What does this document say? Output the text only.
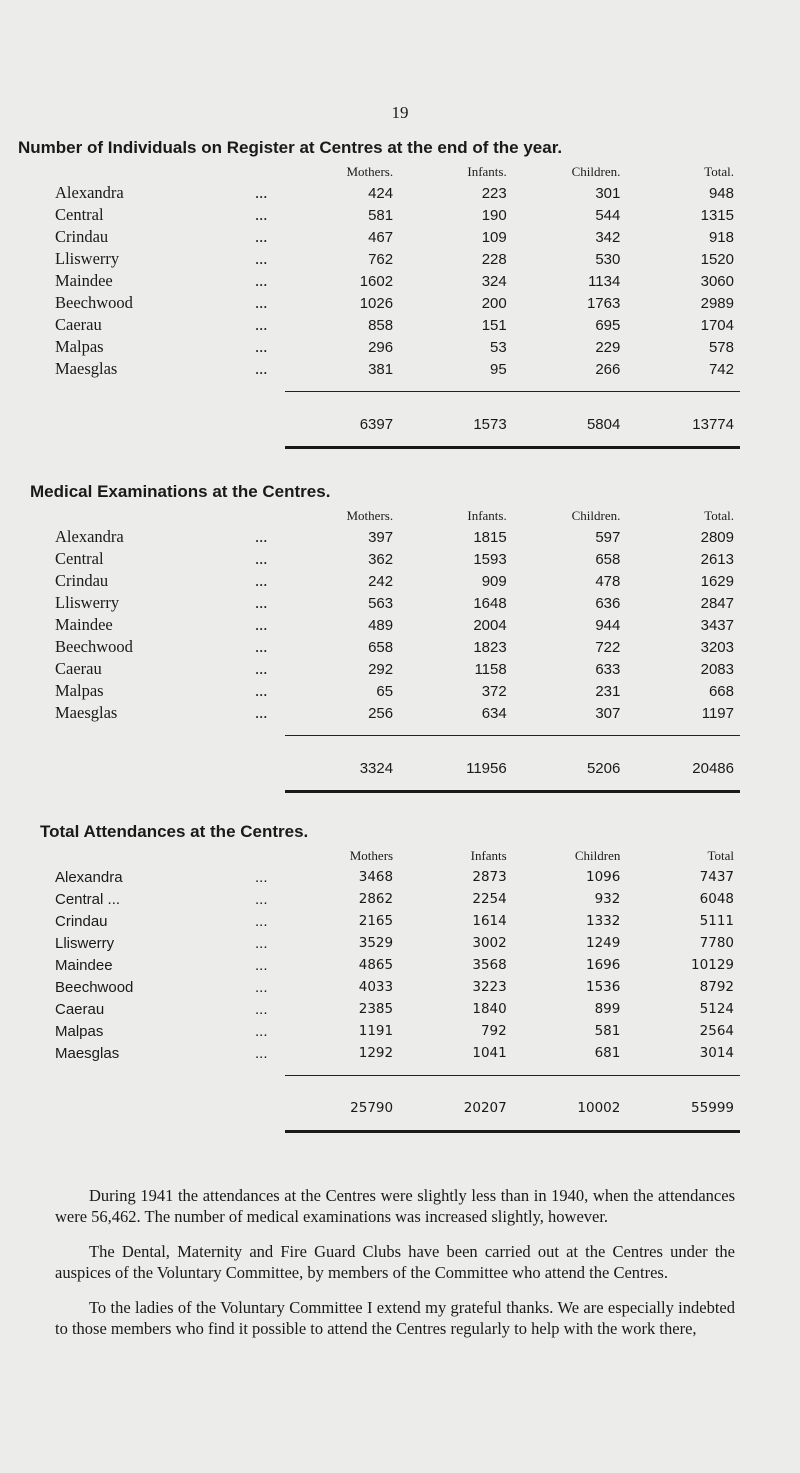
19
Number of Individuals on Register at Centres at the end of the year.
	Mothers.	Infants.	Children.	Total.
Alexandra ...	424	223	301	948
Central ...	581	190	544	1315
Crindau ...	467	109	342	918
Lliswerry ...	762	228	530	1520
Maindee ...	1602	324	1134	3060
Beechwood ...	1026	200	1763	2989
Caerau ...	858	151	695	1704
Malpas ...	296	53	229	578
Maesglas ...	381	95	266	742

	6397	1573	5804	13774

Medical Examinations at the Centres.
	Mothers.	Infants.	Children.	Total.
Alexandra ...	397	1815	597	2809
Central ...	362	1593	658	2613
Crindau ...	242	909	478	1629
Lliswerry ...	563	1648	636	2847
Maindee ...	489	2004	944	3437
Beechwood ...	658	1823	722	3203
Caerau ...	292	1158	633	2083
Malpas ...	65	372	231	668
Maesglas ...	256	634	307	1197

	3324	11956	5206	20486

Total Attendances at the Centres.
	Mothers	Infants	Children	Total
Alexandra ...	3468	2873	1096	7437
Central ... ...	2862	2254	932	6048
Crindau ...	2165	1614	1332	5111
Lliswerry ...	3529	3002	1249	7780
Maindee ...	4865	3568	1696	10129
Beechwood ...	4033	3223	1536	8792
Caerau ...	2385	1840	899	5124
Malpas ...	1191	792	581	2564
Maesglas ...	1292	1041	681	3014

	25790	20207	10002	55999

During 1941 the attendances at the Centres were slightly less than in 1940, when the attendances were 56,462. The number of medical examinations was increased slightly, however.

The Dental, Maternity and Fire Guard Clubs have been carried out at the Centres under the auspices of the Voluntary Committee, by members of the Committee who attend the Centres.

To the ladies of the Voluntary Committee I extend my grateful thanks. We are especially indebted to those members who find it possible to attend the Centres regularly to help with the work there,
